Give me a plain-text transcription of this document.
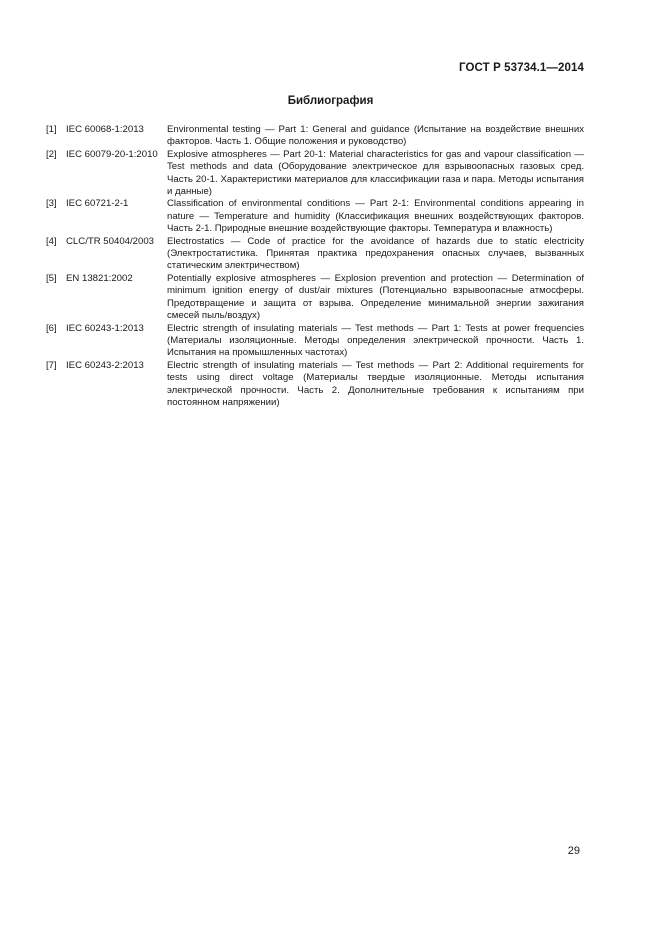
ГОСТ Р 53734.1—2014
Библиография
[1] IEC 60068-1:2013 Environmental testing — Part 1: General and guidance (Испытание на воздействие внешних факторов. Часть 1. Общие положения и руководство)
[2] IEC 60079-20-1:2010 Explosive atmospheres — Part 20-1: Material characteristics for gas and vapour classification — Test methods and data (Оборудование электрическое для взрывоопасных газовых сред. Часть 20-1. Характеристики материалов для классификации газа и пара. Методы испытания и данные)
[3] IEC 60721-2-1	Classification of environmental conditions — Part 2-1: Environmental conditions appearing in nature — Temperature and humidity (Классификация внешних воздействующих факторов. Часть 2-1. Природные внешние воздействующие факторы. Температура и влажность)
[4] CLC/TR 50404/2003 Electrostatics — Code of practice for the avoidance of hazards due to static electricity (Электростатистика. Принятая практика предохранения опасных случаев, вызванных статическим электричеством)
[5] EN 13821:2002	Potentially explosive atmospheres — Explosion prevention and protection — Determination of minimum ignition energy of dust/air mixtures (Потенциально взрывоопасные атмосферы. Предотвращение и защита от взрыва. Определение минимальной энергии зажигания смесей пыль/воздух)
[6] IEC 60243-1:2013 Electric strength of insulating materials — Test methods — Part 1: Tests at power frequencies (Материалы изоляционные. Методы определения электрической прочности. Часть 1. Испытания на промышленных частотах)
[7] IEC 60243-2:2013 Electric strength of insulating materials — Test methods — Part 2: Additional requirements for tests using direct voltage (Материалы твердые изоляционные. Методы испытания электрической прочности. Часть 2. Дополнительные требования к испытаниям при постоянном напряжении)
29
